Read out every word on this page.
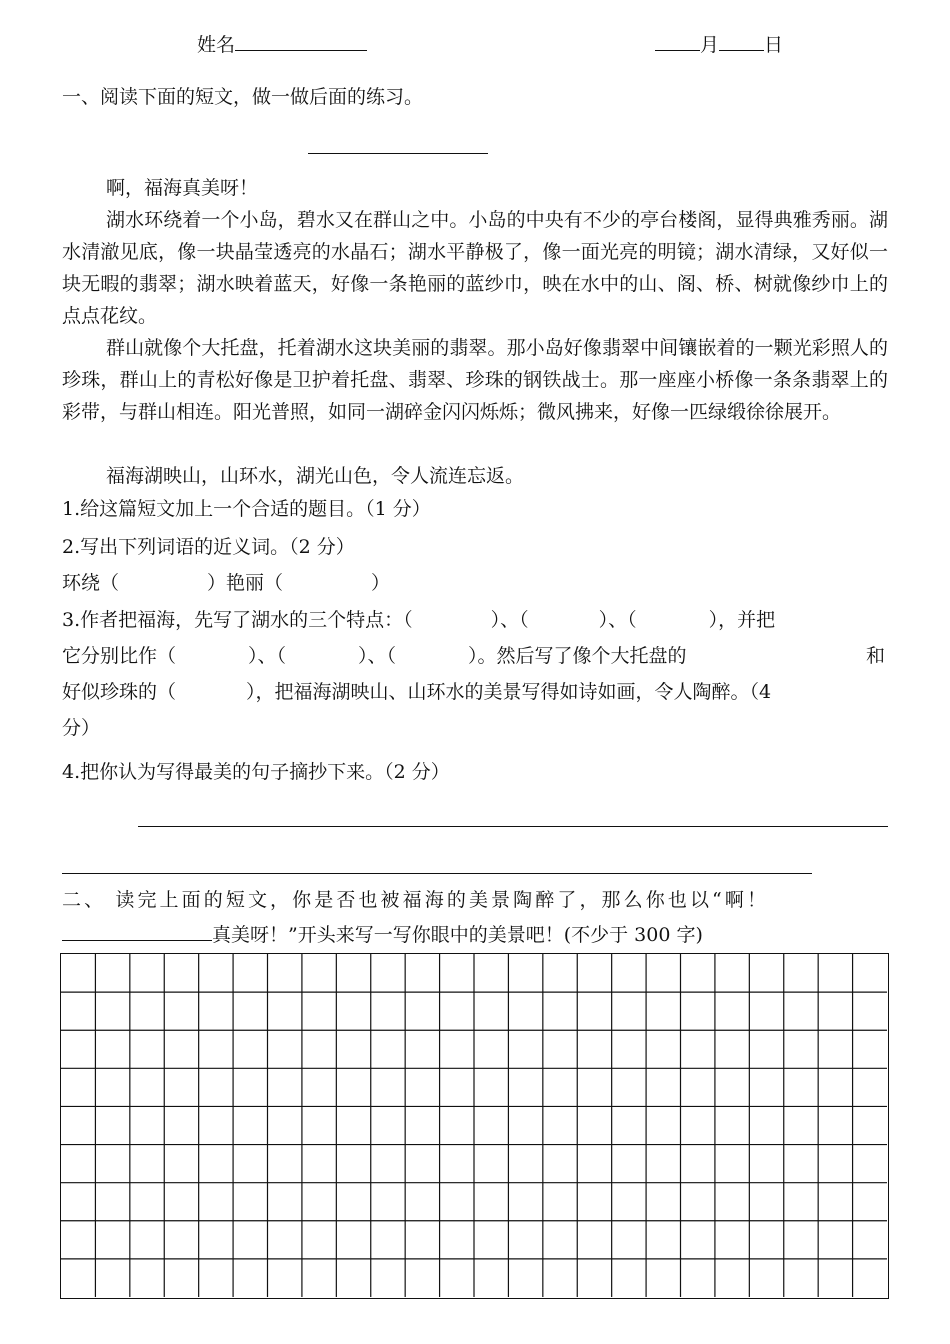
姓名	月 日
一、阅读下面的短文，做一做后面的练习。
啊，福海真美呀！
湖水环绕着一个小岛，碧水又在群山之中。小岛的中央有不少的亭台楼阁，显得典雅秀丽。湖水清澈见底，像一块晶莹透亮的水晶石；湖水平静极了，像一面光亮的明镜；湖水清绿，又好似一块无暇的翡翠；湖水映着蓝天，好像一条艳丽的蓝纱巾，映在水中的山、阁、桥、树就像纱巾上的点点花纹。
群山就像个大托盘，托着湖水这块美丽的翡翠。那小岛好像翡翠中间镶嵌着的一颗光彩照人的珍珠，群山上的青松好像是卫护着托盘、翡翠、珍珠的钢铁战士。那一座座小桥像一条条翡翠上的彩带，与群山相连。阳光普照，如同一湖碎金闪闪烁烁；微风拂来，好像一匹绿缎徐徐展开。
福海湖映山，山环水，湖光山色，令人流连忘返。
1.给这篇短文加上一个合适的题目。（1 分）
2.写出下列词语的近义词。（2 分）
环绕（	）艳丽（	）
3.作者把福海，先写了湖水的三个特点：（	）、（	）、（	），并把
它分别比作（	）、（	）、（	）。然后写了像个大托盘的	和
好似珍珠的（	），把福海湖映山、山环水的美景写得如诗如画，令人陶醉。（4
分）
4.把你认为写得最美的句子摘抄下来。（2 分）
二、 读完上面的短文，你是否也被福海的美景陶醉了，那么你也以“啊！
真美呀！”开头来写一写你眼中的美景吧！(不少于 300 字)
